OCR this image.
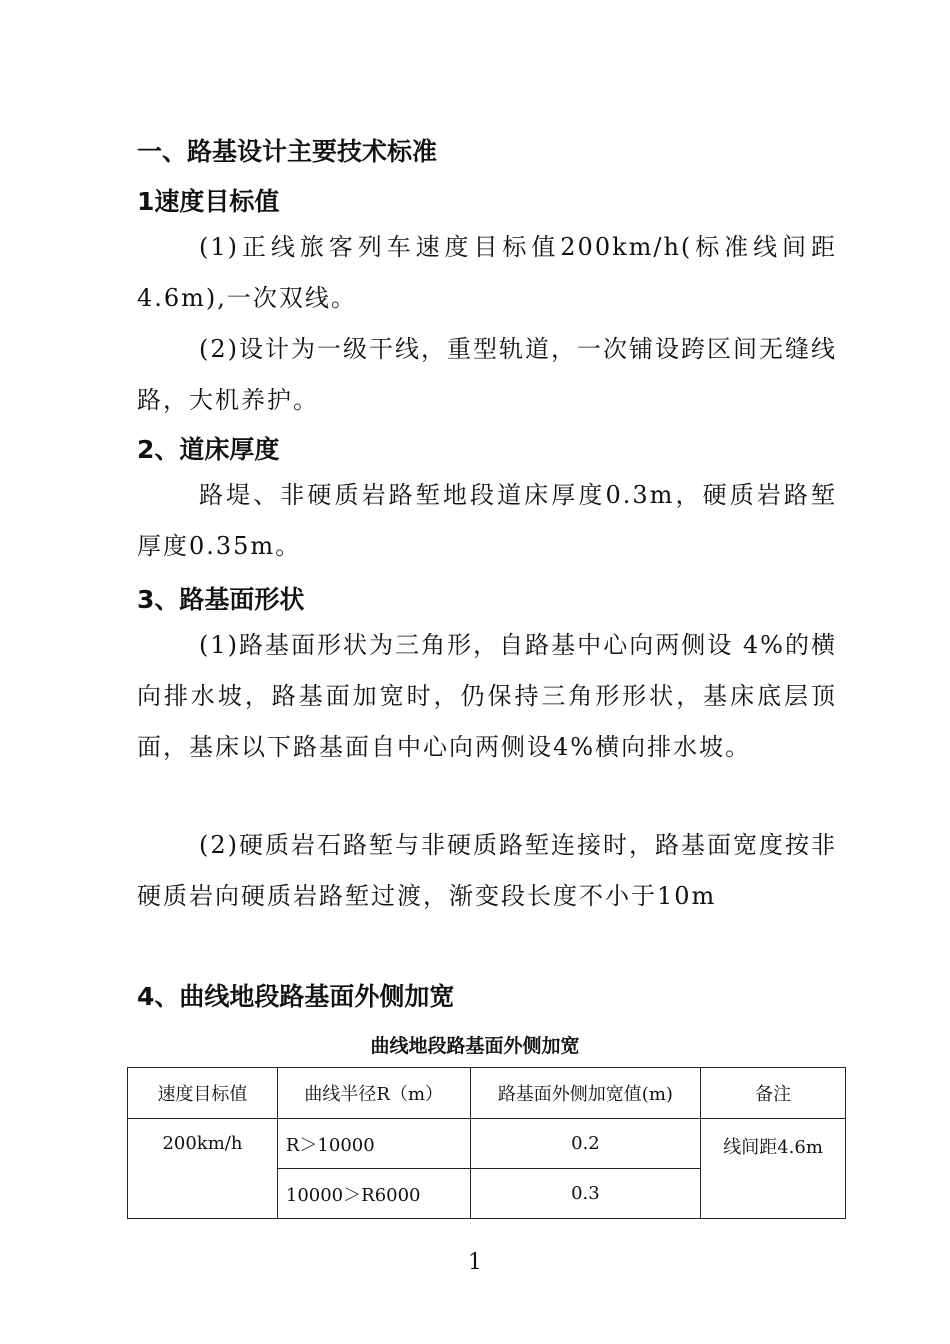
一、路基设计主要技术标准
1速度目标值

(1)正线旅客列车速度目标值200km/h(标准线间距4.6m),一次双线。

(2)设计为一级干线，重型轨道，一次铺设跨区间无缝线路，大机养护。

2、道床厚度

路堤、非硬质岩路堑地段道床厚度0.3m，硬质岩路堑厚度0.35m。

3、路基面形状

(1)路基面形状为三角形，自路基中心向两侧设 4%的横向排水坡，路基面加宽时，仍保持三角形形状，基床底层顶面，基床以下路基面自中心向两侧设4%横向排水坡。

(2)硬质岩石路堑与非硬质路堑连接时，路基面宽度按非硬质岩向硬质岩路堑过渡，渐变段长度不小于10m

4、曲线地段路基面外侧加宽
曲线地段路基面外侧加宽
速度目标值	曲线半径R（m）	路基面外侧加宽值(m)	备注
200km/h	R＞10000	0.2	线间距4.6m
	10000＞R6000	0.3	
1
